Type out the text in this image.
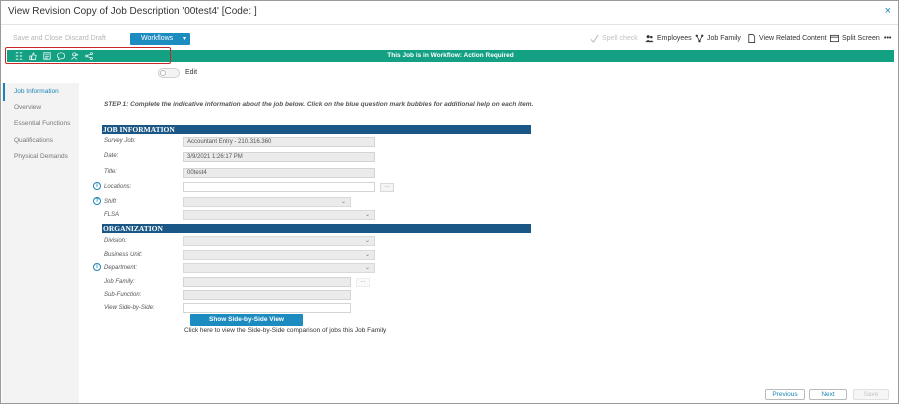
View Revision Copy of Job Description '00test4' [Code: ]	×
Save and Close Discard Draft	Workflows ▾	Spell check	Employees Job Family	View Related Content Split Screen •••
This Job is in Workflow: Action Required
Edit
Job Information
Overview
Essential Functions
Qualifications
Physical Demands
STEP 1: Complete the indicative information about the job below. Click on the blue question mark bubbles for additional help on each item.
JOB INFORMATION
Survey Job:	Accountant Entry - 210.316.360
Date:	3/9/2021 1:26:17 PM
Title:	00test4
i	Locations:	...
? Shift	⌄
FLSA	⌄
ORGANIZATION
Division:	⌄
Business Unit:	⌄
i	Department:	⌄
Job Family:	...
Sub-Function:
View Side-by-Side:
Show Side-by-Side View
Click here to view the Side-by-Side comparison of jobs this Job Family
Previous	Next	Save
